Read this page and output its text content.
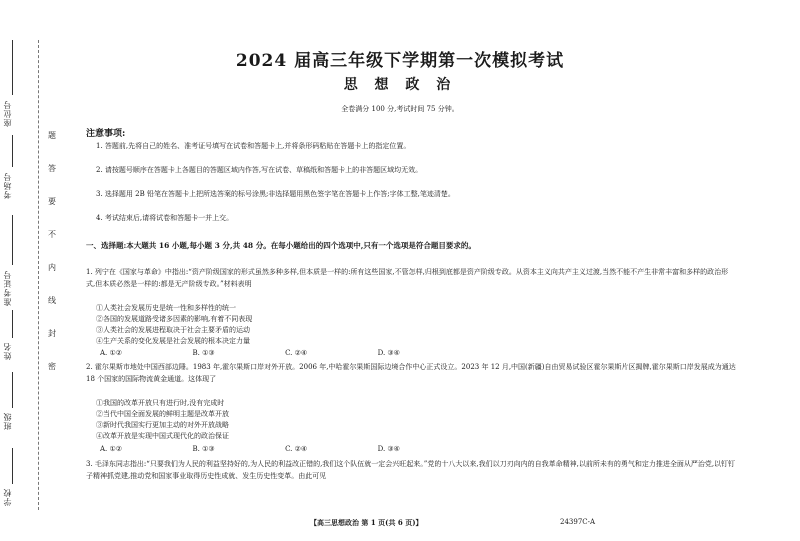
座位号
考场号
准考证号
姓名
班级
学校
题
答
要
不
内
线
封
密
2024 届高三年级下学期第一次模拟考试
思 想 政 治
全卷满分 100 分,考试时间 75 分钟。
注意事项:
1. 答题前,先将自己的姓名、准考证号填写在试卷和答题卡上,并将条形码粘贴在答题卡上的指定位置。
2. 请按题号顺序在答题卡上各题目的答题区域内作答,写在试卷、草稿纸和答题卡上的非答题区域均无效。
3. 选择题用 2B 铅笔在答题卡上把所选答案的标号涂黑;非选择题用黑色签字笔在答题卡上作答;字体工整,笔迹清楚。
4. 考试结束后,请将试卷和答题卡一并上交。
一、选择题:本大题共 16 小题,每小题 3 分,共 48 分。在每小题给出的四个选项中,只有一个选项是符合题目要求的。
1. 列宁在《国家与革命》中指出:“资产阶级国家的形式虽然多种多样,但本质是一样的:所有这些国家,不管怎样,归根到底都是资产阶级专政。从资本主义向共产主义过渡,当然不能不产生非常丰富和多样的政治形式,但本质必然是一样的:都是无产阶级专政。”材料表明
①人类社会发展历史是统一性和多样性的统一
②各国的发展道路受诸多因素的影响,有着不同表现
③人类社会的发展进程取决于社会主要矛盾的运动
④生产关系的变化发展是社会发展的根本决定力量
A. ①②	B. ①③	C. ②④	D. ③④
2. 霍尔果斯市地处中国西部边陲。1983 年,霍尔果斯口岸对外开放。2006 年,中哈霍尔果斯国际边境合作中心正式设立。2023 年 12 月,中国(新疆)自由贸易试验区霍尔果斯片区揭牌,霍尔果斯口岸发展成为通达 18 个国家的国际物流黄金通道。这体现了
①我国的改革开放只有进行时,没有完成时
②当代中国全面发展的鲜明主题是改革开放
③新时代我国实行更加主动的对外开放战略
④改革开放是实现中国式现代化的政治保证
A. ①②	B. ①③	C. ②④	D. ③④
3. 毛泽东同志指出:“只要我们为人民的利益坚持好的,为人民的利益改正错的,我们这个队伍就一定会兴旺起来。”党的十八大以来,我们以刀刃向内的自我革命精神,以前所未有的勇气和定力推进全面从严治党,以钉钉子精神抓党建,推动党和国家事业取得历史性成就、发生历史性变革。由此可见
【高三思想政治 第 1 页(共 6 页)】	24397C-A
